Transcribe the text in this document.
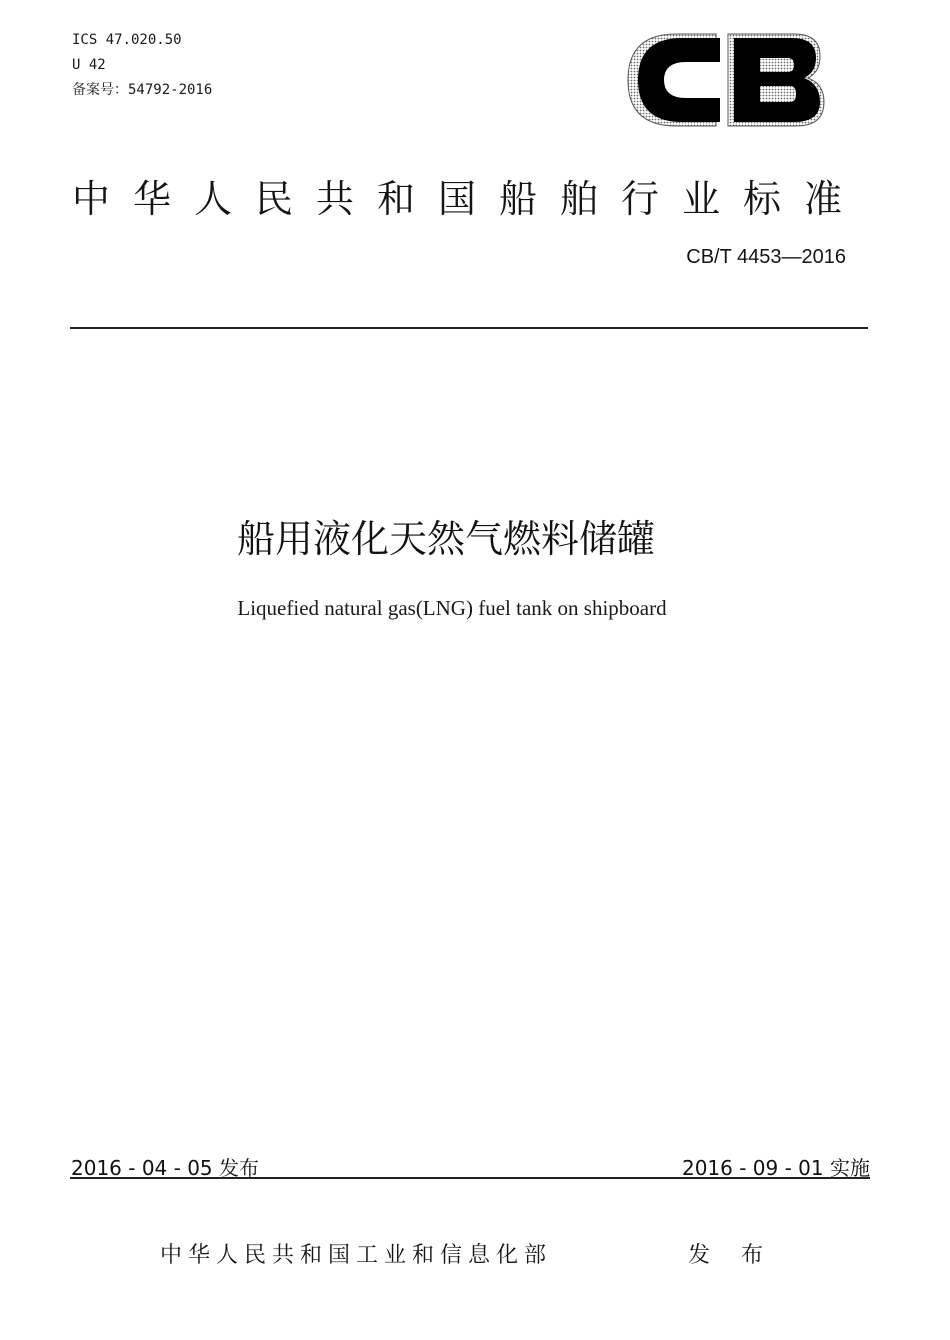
ICS 47.020.50
U 42
备案号：54792-2016
中华人民共和国船舶行业标准
CB/T 4453—2016
船用液化天然气燃料储罐
Liquefied natural gas(LNG) fuel tank on shipboard
2016 - 04 - 05 发布	2016 - 09 - 01 实施
中华人民共和国工业和信息化部	发 布
